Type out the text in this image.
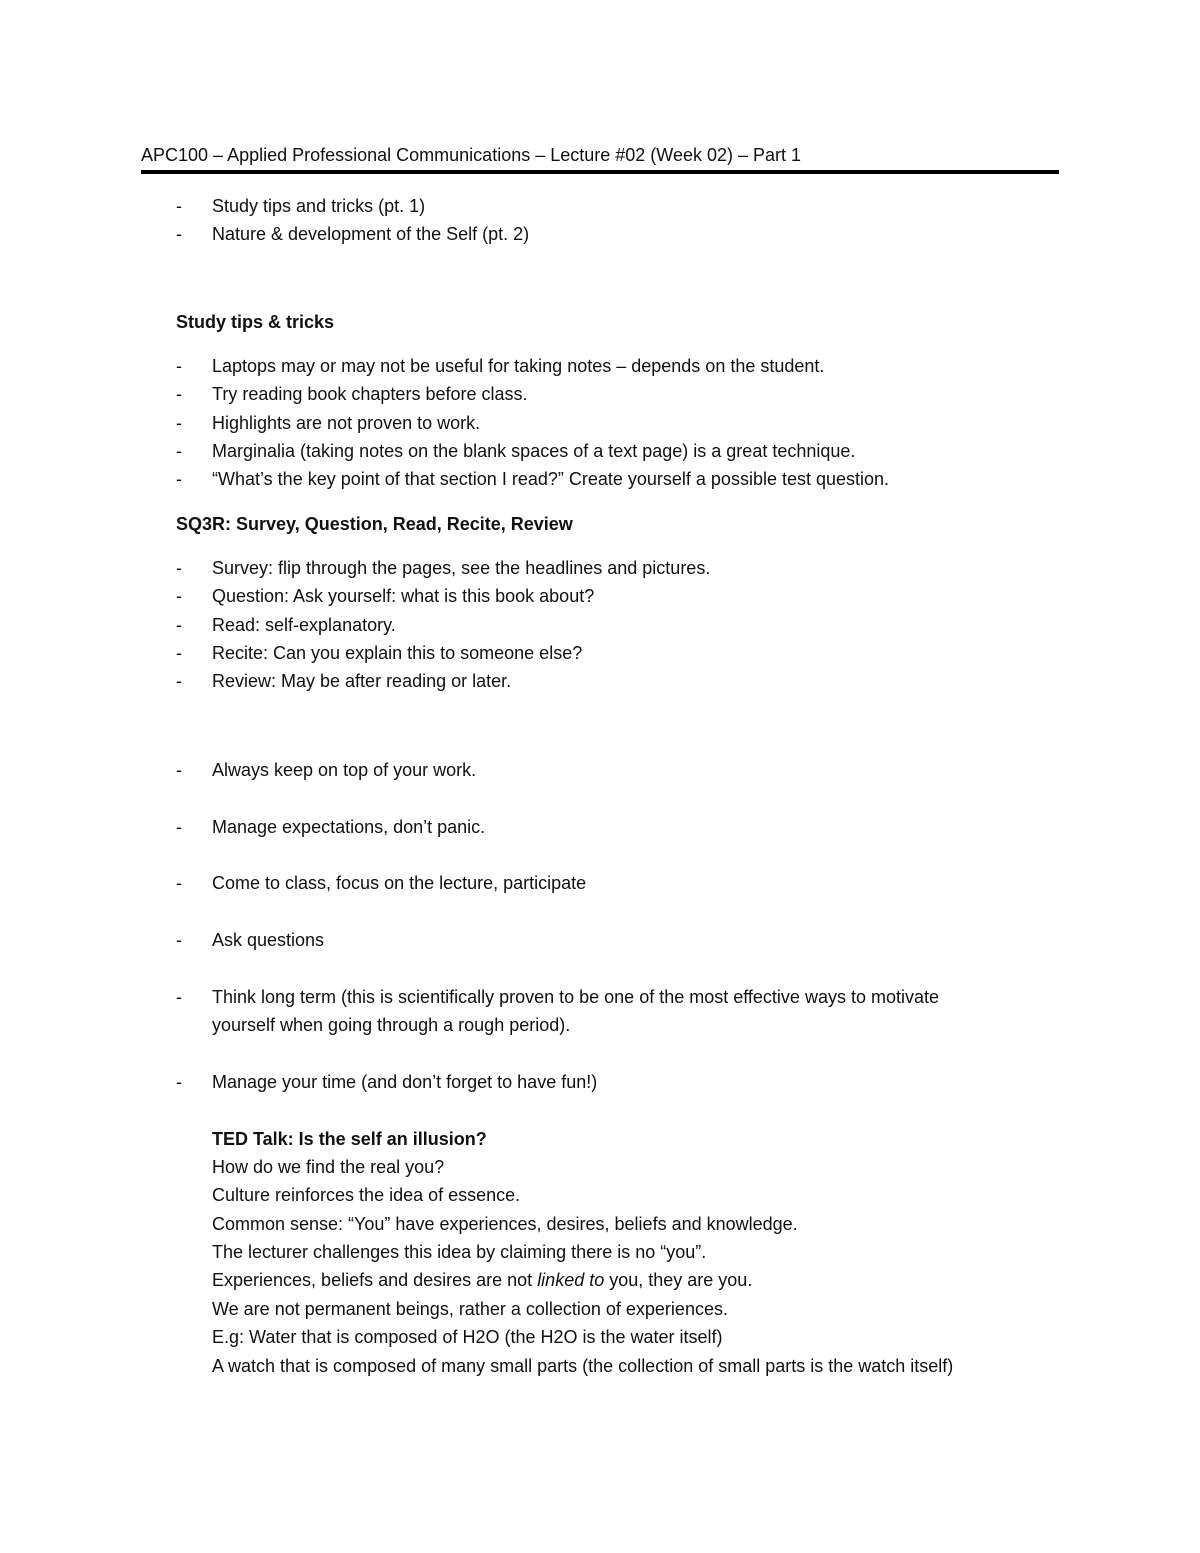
APC100 – Applied Professional Communications – Lecture #02 (Week 02) – Part 1
- Study tips and tricks (pt. 1)
- Nature & development of the Self (pt. 2)
Study tips & tricks
- Laptops may or may not be useful for taking notes – depends on the student.
- Try reading book chapters before class.
- Highlights are not proven to work.
- Marginalia (taking notes on the blank spaces of a text page) is a great technique.
- “What’s the key point of that section I read?” Create yourself a possible test question.
SQ3R: Survey, Question, Read, Recite, Review
- Survey: flip through the pages, see the headlines and pictures.
- Question: Ask yourself: what is this book about?
- Read: self-explanatory.
- Recite: Can you explain this to someone else?
- Review: May be after reading or later.
- Always keep on top of your work.
- Manage expectations, don’t panic.
- Come to class, focus on the lecture, participate
- Ask questions
- Think long term (this is scientifically proven to be one of the most effective ways to motivate
yourself when going through a rough period).
- Manage your time (and don’t forget to have fun!)
TED Talk: Is the self an illusion?
How do we find the real you?
Culture reinforces the idea of essence.
Common sense: “You” have experiences, desires, beliefs and knowledge.
The lecturer challenges this idea by claiming there is no “you”.
Experiences, beliefs and desires are not linked to you, they are you.
We are not permanent beings, rather a collection of experiences.
E.g: Water that is composed of H2O (the H2O is the water itself)
A watch that is composed of many small parts (the collection of small parts is the watch itself)
